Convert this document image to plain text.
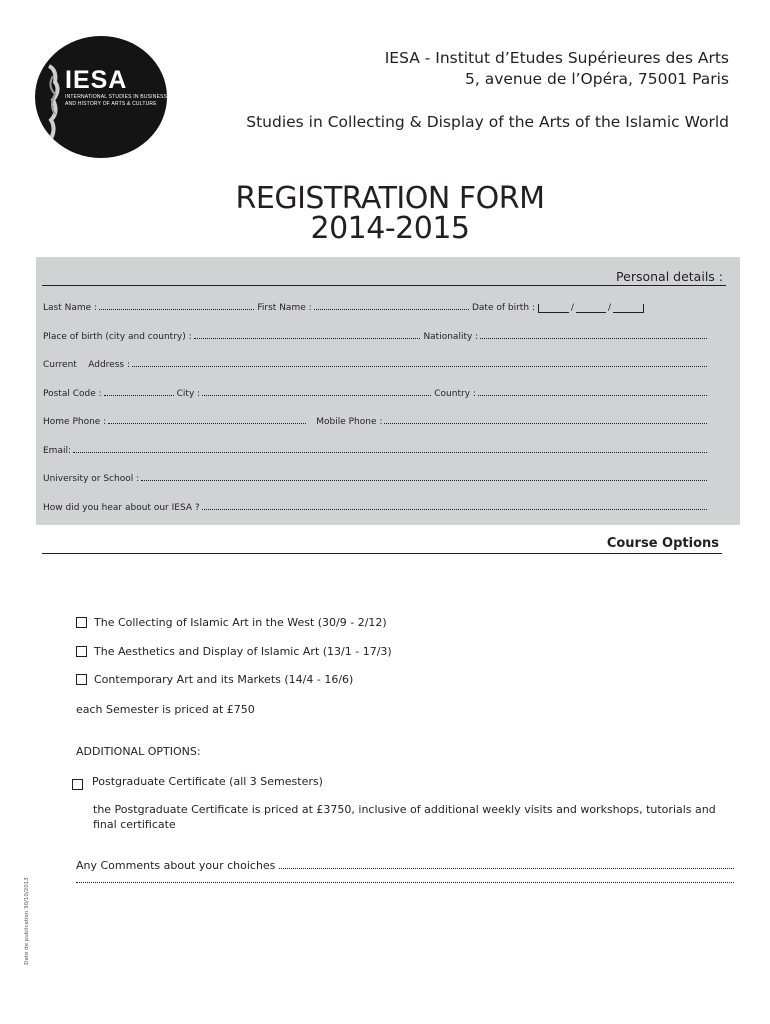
IESA
INTERNATIONAL STUDIES IN BUSINESS
AND HISTORY OF ARTS & CULTURE
IESA - Institut d’Etudes Supérieures des Arts
5, avenue de l’Opéra, 75001 Paris
Studies in Collecting & Display of the Arts of the Islamic World
REGISTRATION FORM
2014-2015
Personal details :
Last Name :	First Name :	Date of birth :	/	/
Place of birth (city and country) :	Nationality :
Current    Address :
Postal Code :	City :	Country :
Home Phone :	Mobile Phone :
Email:
University or School :
How did you hear about our IESA ?
Course Options
The Collecting of Islamic Art in the West (30/9 - 2/12)
The Aesthetics and Display of Islamic Art (13/1 - 17/3)
Contemporary Art and its Markets (14/4 - 16/6)
each Semester is priced at £750
ADDITIONAL OPTIONS:
Postgraduate Certificate (all 3 Semesters)
the Postgraduate Certificate is priced at £3750, inclusive of additional weekly visits and workshops, tutorials and final certificate
Any Comments about your choiches
Date de publication 30/10/2013
